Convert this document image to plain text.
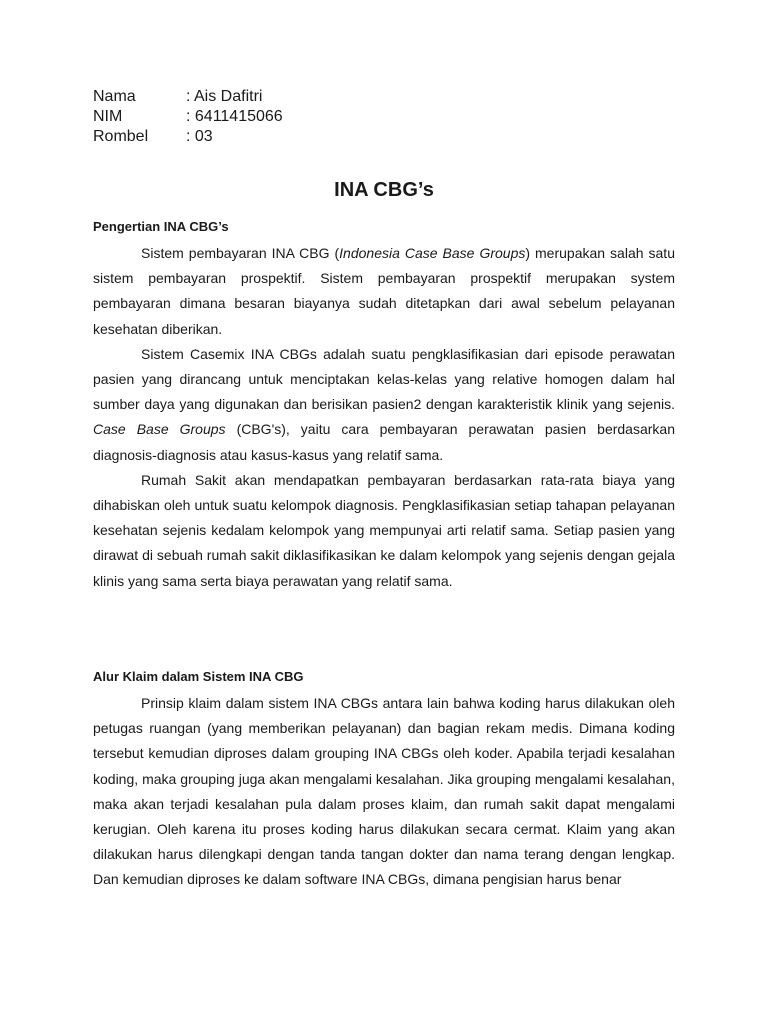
Nama	: Ais Dafitri
NIM	: 6411415066
Rombel	: 03
INA CBG’s
Pengertian INA CBG’s

Sistem pembayaran INA CBG (Indonesia Case Base Groups) merupakan salah satu sistem pembayaran prospektif. Sistem pembayaran prospektif merupakan system pembayaran dimana besaran biayanya sudah ditetapkan dari awal sebelum pelayanan kesehatan diberikan.

Sistem Casemix INA CBGs adalah suatu pengklasifikasian dari episode perawatan pasien yang dirancang untuk menciptakan kelas-kelas yang relative homogen dalam hal sumber daya yang digunakan dan berisikan pasien2 dengan karakteristik klinik yang sejenis. Case Base Groups (CBG's), yaitu cara pembayaran perawatan pasien berdasarkan diagnosis-diagnosis atau kasus-kasus yang relatif sama.

Rumah Sakit akan mendapatkan pembayaran berdasarkan rata-rata biaya yang dihabiskan oleh untuk suatu kelompok diagnosis. Pengklasifikasian setiap tahapan pelayanan kesehatan sejenis kedalam kelompok yang mempunyai arti relatif sama. Setiap pasien yang dirawat di sebuah rumah sakit diklasifikasikan ke dalam kelompok yang sejenis dengan gejala klinis yang sama serta biaya perawatan yang relatif sama.

Alur Klaim dalam Sistem INA CBG

Prinsip klaim dalam sistem INA CBGs antara lain bahwa koding harus dilakukan oleh petugas ruangan (yang memberikan pelayanan) dan bagian rekam medis. Dimana koding tersebut kemudian diproses dalam grouping INA CBGs oleh koder. Apabila terjadi kesalahan koding, maka grouping juga akan mengalami kesalahan. Jika grouping mengalami kesalahan, maka akan terjadi kesalahan pula dalam proses klaim, dan rumah sakit dapat mengalami kerugian. Oleh karena itu proses koding harus dilakukan secara cermat. Klaim yang akan dilakukan harus dilengkapi dengan tanda tangan dokter dan nama terang dengan lengkap. Dan kemudian diproses ke dalam software INA CBGs, dimana pengisian harus benar
